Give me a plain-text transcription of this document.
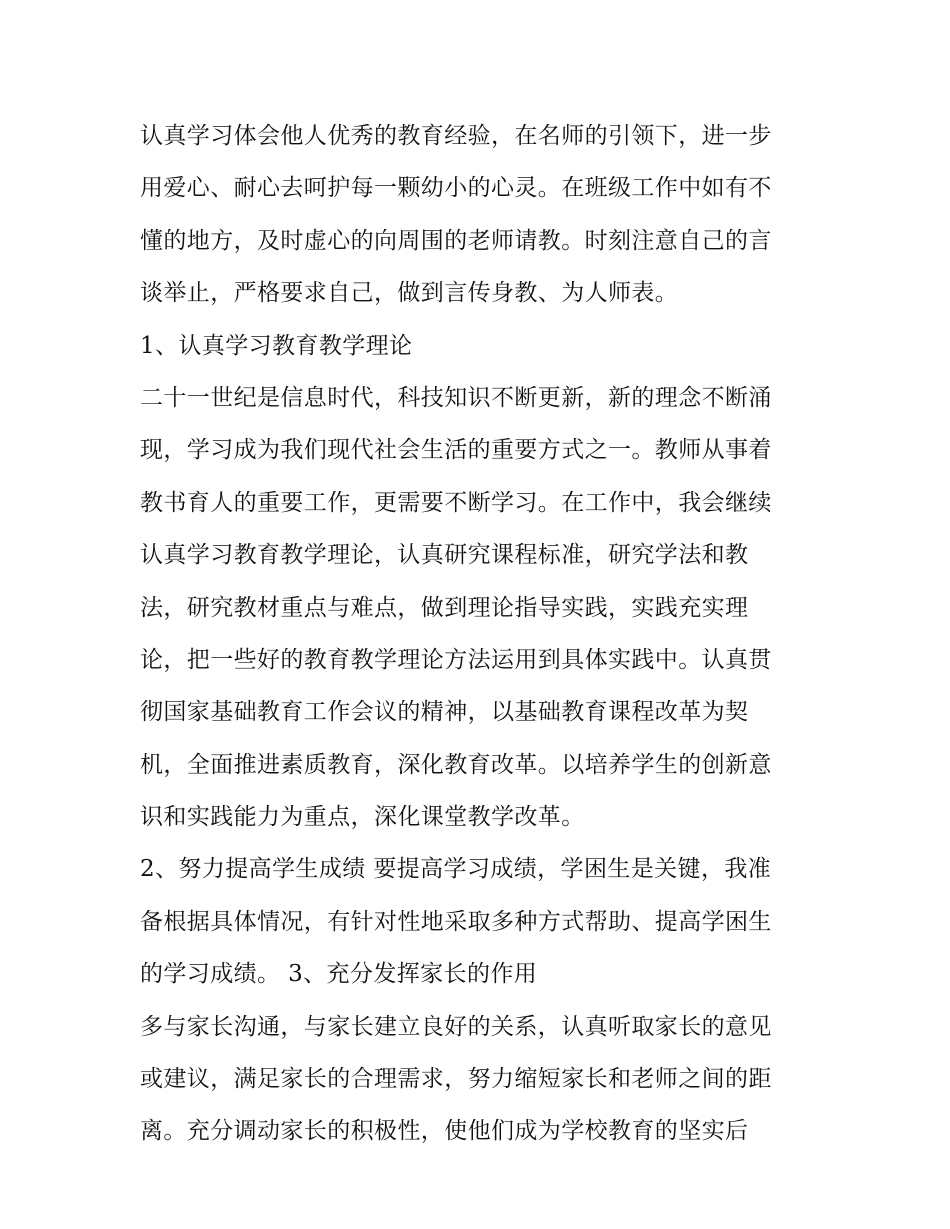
认真学习体会他人优秀的教育经验，在名师的引领下，进一步
用爱心、耐心去呵护每一颗幼小的心灵。在班级工作中如有不
懂的地方，及时虚心的向周围的老师请教。时刻注意自己的言
谈举止，严格要求自己，做到言传身教、为人师表。
1、认真学习教育教学理论
二十一世纪是信息时代，科技知识不断更新，新的理念不断涌
现，学习成为我们现代社会生活的重要方式之一。教师从事着
教书育人的重要工作，更需要不断学习。在工作中，我会继续
认真学习教育教学理论，认真研究课程标准，研究学法和教
法，研究教材重点与难点，做到理论指导实践，实践充实理
论，把一些好的教育教学理论方法运用到具体实践中。认真贯
彻国家基础教育工作会议的精神，以基础教育课程改革为契
机，全面推进素质教育，深化教育改革。以培养学生的创新意
识和实践能力为重点，深化课堂教学改革。
2、努力提高学生成绩 要提高学习成绩，学困生是关键，我准
备根据具体情况，有针对性地采取多种方式帮助、提高学困生
的学习成绩。 3、充分发挥家长的作用
多与家长沟通，与家长建立良好的关系，认真听取家长的意见
或建议，满足家长的合理需求，努力缩短家长和老师之间的距
离。充分调动家长的积极性，使他们成为学校教育的坚实后
